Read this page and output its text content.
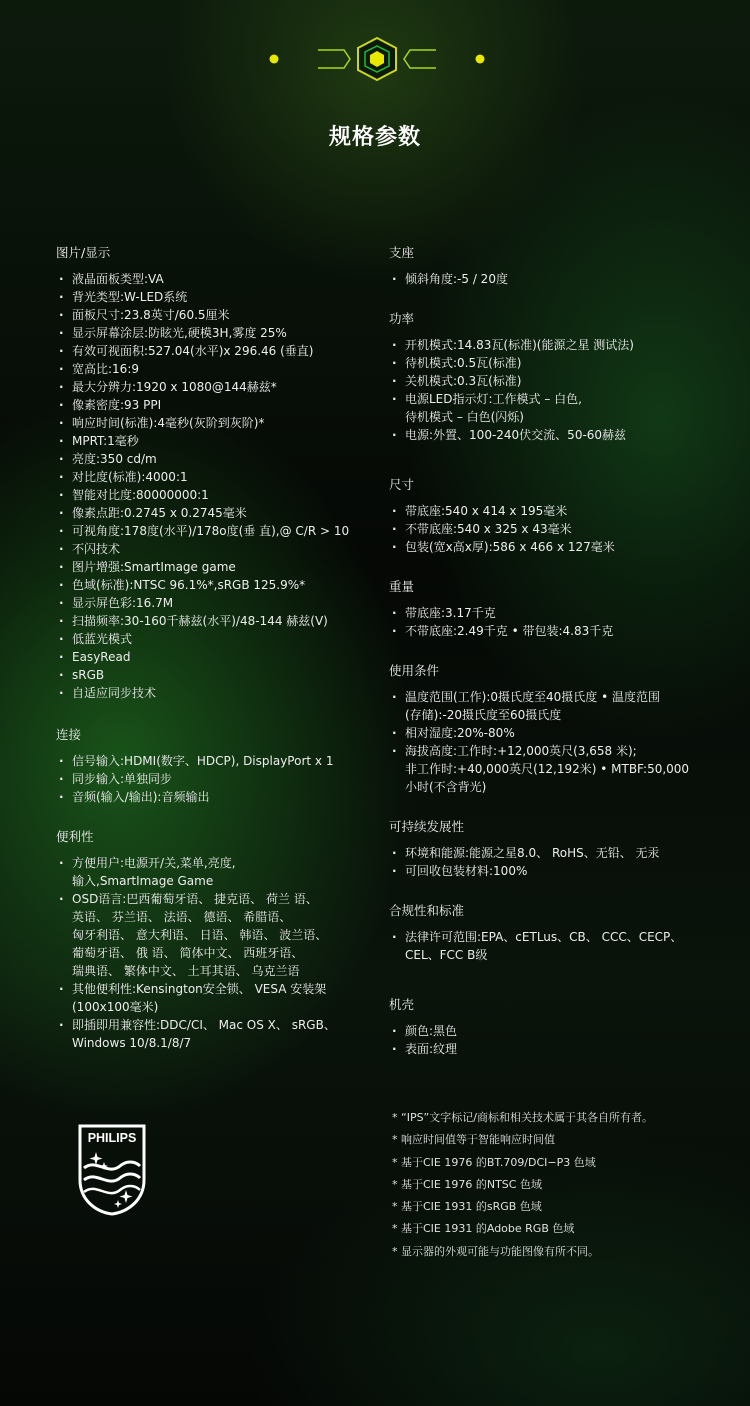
规格参数
图片/显示
· 液晶面板类型:VA
· 背光类型:W-LED系统
· 面板尺寸:23.8英寸/60.5厘米
· 显示屏幕涂层:防眩光,硬模3H,雾度 25%
· 有效可视面积:527.04(水平)x 296.46 (垂直)
· 宽高比:16:9
· 最大分辨力:1920 x 1080@144赫兹*
· 像素密度:93 PPI
· 响应时间(标准):4毫秒(灰阶到灰阶)*
· MPRT:1毫秒
· 亮度:350 cd/m
· 对比度(标准):4000:1
· 智能对比度:80000000:1
· 像素点距:0.2745 x 0.2745毫米
· 可视角度:178度(水平)/178o度(垂 直),@ C/R > 10
· 不闪技术
· 图片增强:SmartImage game
· 色域(标准):NTSC 96.1%*,sRGB 125.9%*
· 显示屏色彩:16.7M
· 扫描频率:30-160千赫兹(水平)/48-144 赫兹(V)
· 低蓝光模式
· EasyRead
· sRGB
· 自适应同步技术
连接
· 信号输入:HDMI(数字、HDCP), DisplayPort x 1
· 同步输入:单独同步
· 音频(输入/输出):音频输出
便利性
· 方便用户:电源开/关,菜单,亮度,
输入,SmartImage Game
· OSD语言:巴西葡萄牙语、 捷克语、 荷兰 语、
英语、 芬兰语、 法语、 德语、 希腊语、
匈牙利语、 意大利语、 日语、 韩语、 波兰语、
葡萄牙语、 俄 语、 简体中文、 西班牙语、
瑞典语、 繁体中文、 土耳其语、 乌克兰语
· 其他便利性:Kensington安全锁、 VESA 安装架
(100x100毫米)
· 即插即用兼容性:DDC/CI、 Mac OS X、 sRGB、
Windows 10/8.1/8/7
支座
· 倾斜角度:-5 / 20度
功率
· 开机模式:14.83瓦(标准)(能源之星 测试法)
· 待机模式:0.5瓦(标准)
· 关机模式:0.3瓦(标准)
· 电源LED指示灯:工作模式 – 白色,
待机模式 – 白色(闪烁)
· 电源:外置、100-240伏交流、50-60赫兹
尺寸
· 带底座:540 x 414 x 195毫米
· 不带底座:540 x 325 x 43毫米
· 包装(宽x高x厚):586 x 466 x 127毫米
重量
· 带底座:3.17千克
· 不带底座:2.49千克 • 带包装:4.83千克
使用条件
· 温度范围(工作):0摄氏度至40摄氏度 • 温度范围
(存储):-20摄氏度至60摄氏度
· 相对湿度:20%-80%
· 海拔高度:工作时:+12,000英尺(3,658 米);
非工作时:+40,000英尺(12,192米) • MTBF:50,000
小时(不含背光)
可持续发展性
· 环境和能源:能源之星8.0、 RoHS、无铅、 无汞
· 可回收包装材料:100%
合规性和标准
· 法律许可范围:EPA、cETLus、CB、 CCC、CECP、
CEL、FCC B级
机壳
· 颜色:黑色
· 表面:纹理
PHILIPS
* “IPS”文字标记/商标和相关技术属于其各自所有者。
* 响应时间值等于智能响应时间值
* 基于CIE 1976 的BT.709/DCI−P3 色域
* 基于CIE 1976 的NTSC 色域
* 基于CIE 1931 的sRGB 色域
* 基于CIE 1931 的Adobe RGB 色域
* 显示器的外观可能与功能图像有所不同。
